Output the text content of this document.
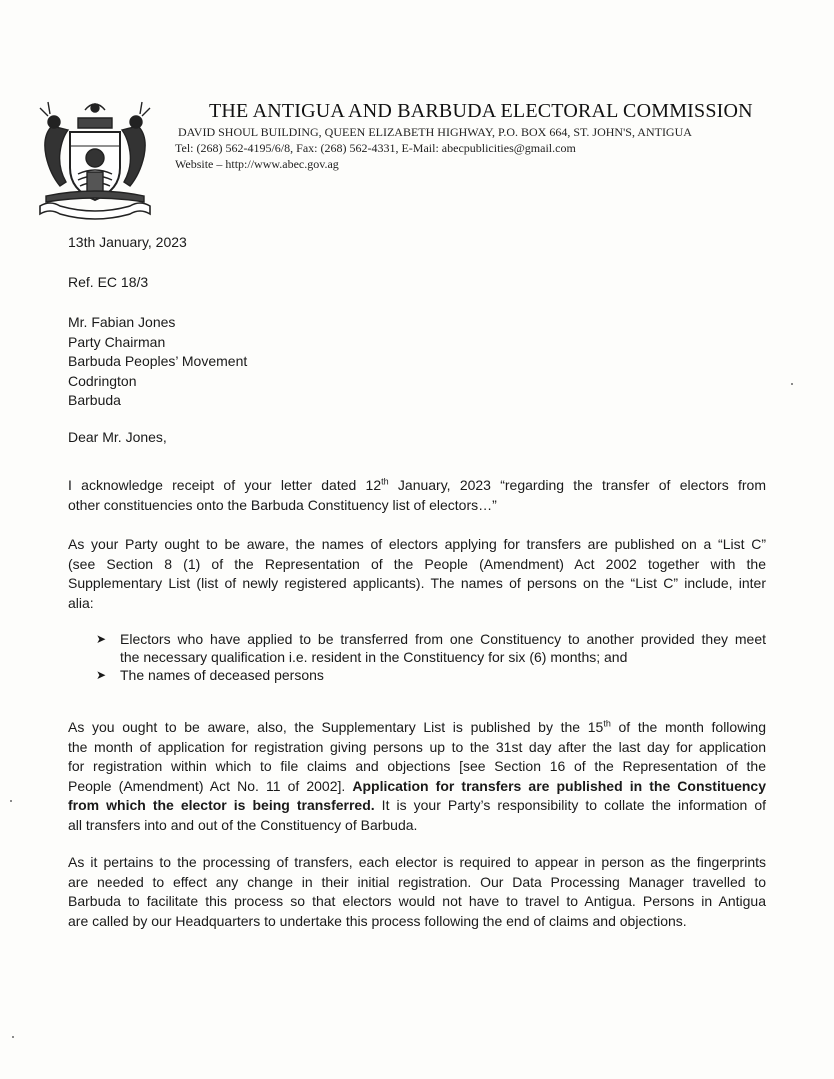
THE ANTIGUA AND BARBUDA ELECTORAL COMMISSION
DAVID SHOUL BUILDING, QUEEN ELIZABETH HIGHWAY, P.O. BOX 664, ST. JOHN'S, ANTIGUA
Tel: (268) 562-4195/6/8, Fax: (268) 562-4331, E-Mail: abecpublicities@gmail.com
Website – http://www.abec.gov.ag
13th January, 2023
Ref. EC 18/3
Mr. Fabian Jones
Party Chairman
Barbuda Peoples’ Movement
Codrington
Barbuda
Dear Mr. Jones,
I acknowledge receipt of your letter dated 12th January, 2023 “regarding the transfer of electors from
other constituencies onto the Barbuda Constituency list of electors…”
As your Party ought to be aware, the names of electors applying for transfers are published on a “List C”
(see Section 8 (1) of the Representation of the People (Amendment) Act 2002 together with the
Supplementary List (list of newly registered applicants). The names of persons on the “List C” include, inter
alia:
➤ Electors who have applied to be transferred from one Constituency to another provided they meet
the necessary qualification i.e. resident in the Constituency for six (6) months; and
➤ The names of deceased persons
As you ought to be aware, also, the Supplementary List is published by the 15th of the month following
the month of application for registration giving persons up to the 31st day after the last day for application
for registration within which to file claims and objections [see Section 16 of the Representation of the
People (Amendment) Act No. 11 of 2002]. Application for transfers are published in the Constituency
from which the elector is being transferred. It is your Party’s responsibility to collate the information of
all transfers into and out of the Constituency of Barbuda.
As it pertains to the processing of transfers, each elector is required to appear in person as the fingerprints
are needed to effect any change in their initial registration. Our Data Processing Manager travelled to
Barbuda to facilitate this process so that electors would not have to travel to Antigua. Persons in Antigua
are called by our Headquarters to undertake this process following the end of claims and objections.
